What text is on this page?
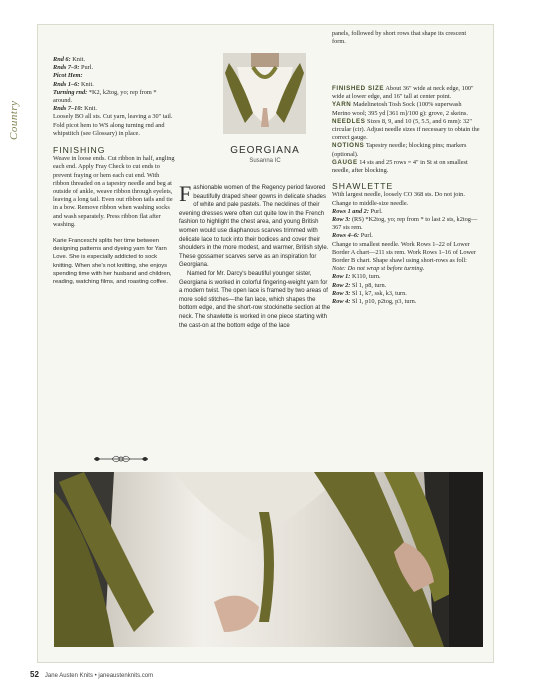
Country

Rnd 6: Knit.

Rnds 7–9: Purl.

Picot Hem:

Rnds 1–6: Knit.

Turning rnd: *K2, k2tog, yo; rep from * around.

Rnds 7–10: Knit.

Loosely BO all sts. Cut yarn, leaving a 30" tail. Fold picot hem to WS along turning rnd and whipstitch (see Glossary) in place.

FINISHING

Weave in loose ends. Cut ribbon in half, angling each end. Apply Fray Check to cut ends to prevent fraying or hem each cut end. With ribbon threaded on a tapestry needle and beg at outside of ankle, weave ribbon through eyelets, leaving a long tail. Even out ribbon tails and tie in a bow. Remove ribbon when washing socks and wash separately. Press ribbon flat after washing.

Karie Franceschi splits her time between designing patterns and dyeing yarn for Yarn Love. She is especially addicted to sock knitting. When she's not knitting, she enjoys spending time with her husband and children, reading, watching films, and roasting coffee.

GEORGIANA
Susanna IC

Fashionable women of the Regency period favored beautifully draped sheer gowns in delicate shades of white and pale pastels. The necklines of their evening dresses were often cut quite low in the French fashion to highlight the chest area, and young British women would use diaphanous scarves trimmed with delicate lace to tuck into their bodices and cover their shoulders in the more modest, and warmer, British style. These gossamer scarves serve as an inspiration for Georgiana.

Named for Mr. Darcy's beautiful younger sister, Georgiana is worked in colorful fingering-weight yarn for a modern twist. The open lace is framed by two areas of more solid stitches—the fan lace, which shapes the bottom edge, and the short-row stockinette section at the neck. The shawlette is worked in one piece starting with the cast-on at the bottom edge of the lace

panels, followed by short rows that shape its crescent form.

FINISHED SIZE About 36" wide at neck edge, 100" wide at lower edge, and 16" tall at center point.

YARN Madelinetosh Tosh Sock (100% superwash Merino wool; 395 yd [361 m]/100 g): grove, 2 skeins.

NEEDLES Sizes 8, 9, and 10 (5, 5.5, and 6 mm): 32" circular (cir). Adjust needle sizes if necessary to obtain the correct gauge.

NOTIONS Tapestry needle; blocking pins; markers (optional).

GAUGE 14 sts and 25 rows = 4" in St st on smallest needle, after blocking.

SHAWLETTE

With largest needle, loosely CO 368 sts. Do not join. Change to middle-size needle.

Rows 1 and 2: Purl.

Row 3: (RS) *K2tog, yo; rep from * to last 2 sts, k2tog—367 sts rem.

Rows 4–6: Purl.

Change to smallest needle. Work Rows 1–22 of Lower Border A chart—211 sts rem. Work Rows 1–16 of Lower Border B chart. Shape shawl using short-rows as foll: Note: Do not wrap st before turning.

Row 1: K110, turn.

Row 2: Sl 1, p8, turn.

Row 3: Sl 1, k7, ssk, k3, turn.

Row 4: Sl 1, p10, p2tog, p3, turn.

52 Jane Austen Knits • janeaustenknits.com
